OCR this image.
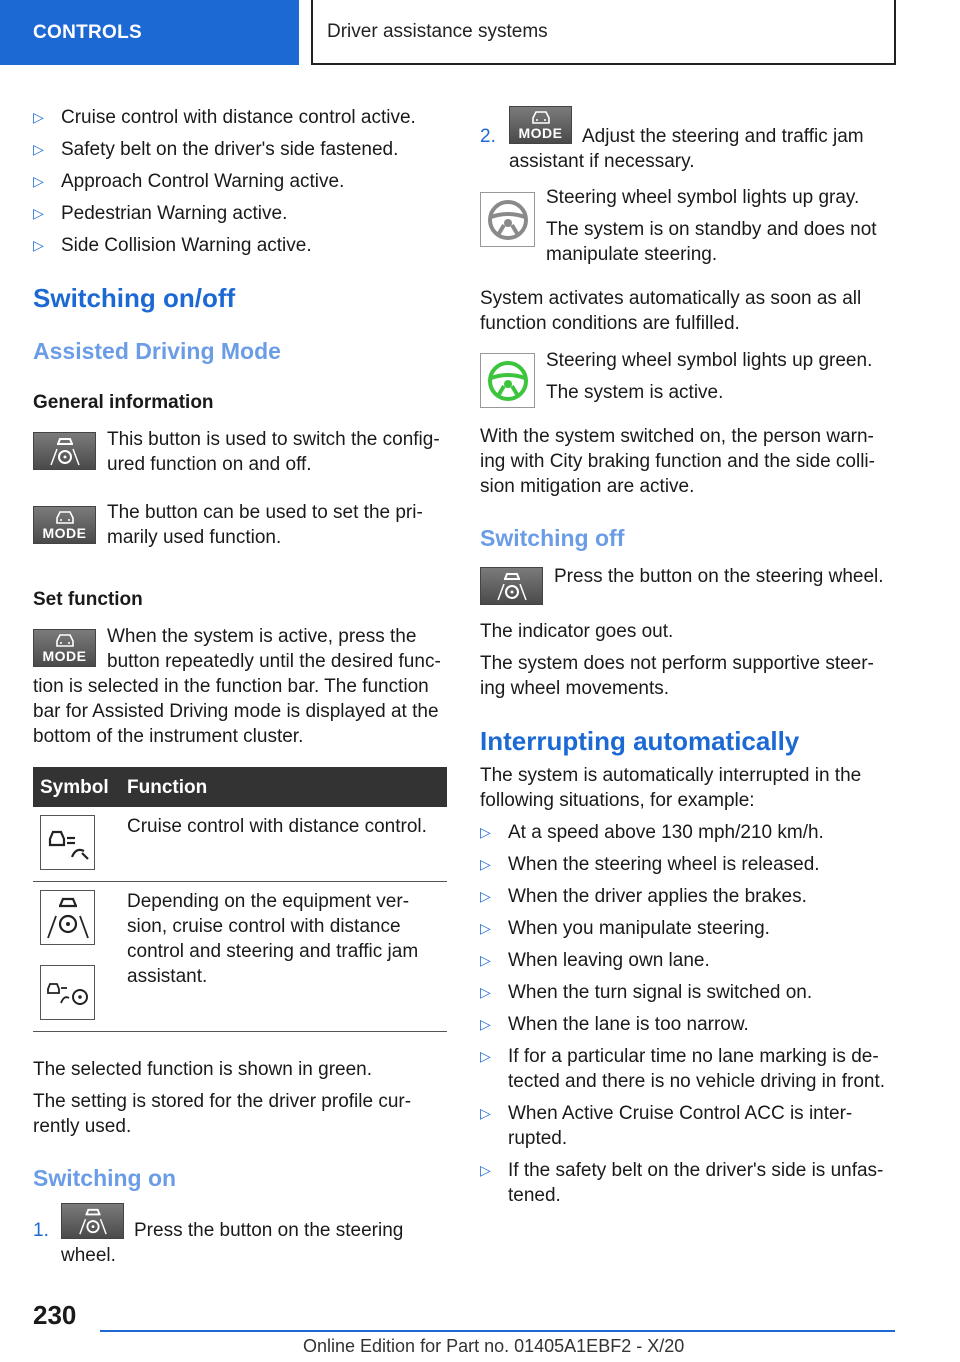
CONTROLS	Driver assistance systems
▷ Cruise control with distance control active.
▷ Safety belt on the driver's side fastened.
▷ Approach Control Warning active.
▷ Pedestrian Warning active.
▷ Side Collision Warning active.
Switching on/off
Assisted Driving Mode
General information
This button is used to switch the config-
ured function on and off.
MODE
The button can be used to set the pri-
marily used function.
Set function
MODE
When the system is active, press the
button repeatedly until the desired func-
tion is selected in the function bar. The function
bar for Assisted Driving mode is displayed at the
bottom of the instrument cluster.
Symbol Function
Cruise control with distance control.
Depending on the equipment ver-
sion, cruise control with distance
control and steering and traffic jam
assistant.
The selected function is shown in green.
The setting is stored for the driver profile cur-
rently used.
Switching on
1.	Press the button on the steering
wheel.
2. MODE Adjust the steering and traffic jam
assistant if necessary.
Steering wheel symbol lights up gray.
The system is on standby and does not
manipulate steering.
System activates automatically as soon as all
function conditions are fulfilled.
Steering wheel symbol lights up green.
The system is active.
With the system switched on, the person warn-
ing with City braking function and the side colli-
sion mitigation are active.
Switching off
Press the button on the steering wheel.
The indicator goes out.
The system does not perform supportive steer-
ing wheel movements.
Interrupting automatically
The system is automatically interrupted in the
following situations, for example:
▷ At a speed above 130 mph/210 km/h.
▷ When the steering wheel is released.
▷ When the driver applies the brakes.
▷ When you manipulate steering.
▷ When leaving own lane.
▷ When the turn signal is switched on.
▷ When the lane is too narrow.
▷ If for a particular time no lane marking is de-
tected and there is no vehicle driving in front.
▷ When Active Cruise Control ACC is inter-
rupted.
▷ If the safety belt on the driver's side is unfas-
tened.
230
Online Edition for Part no. 01405A1EBF2 - X/20
